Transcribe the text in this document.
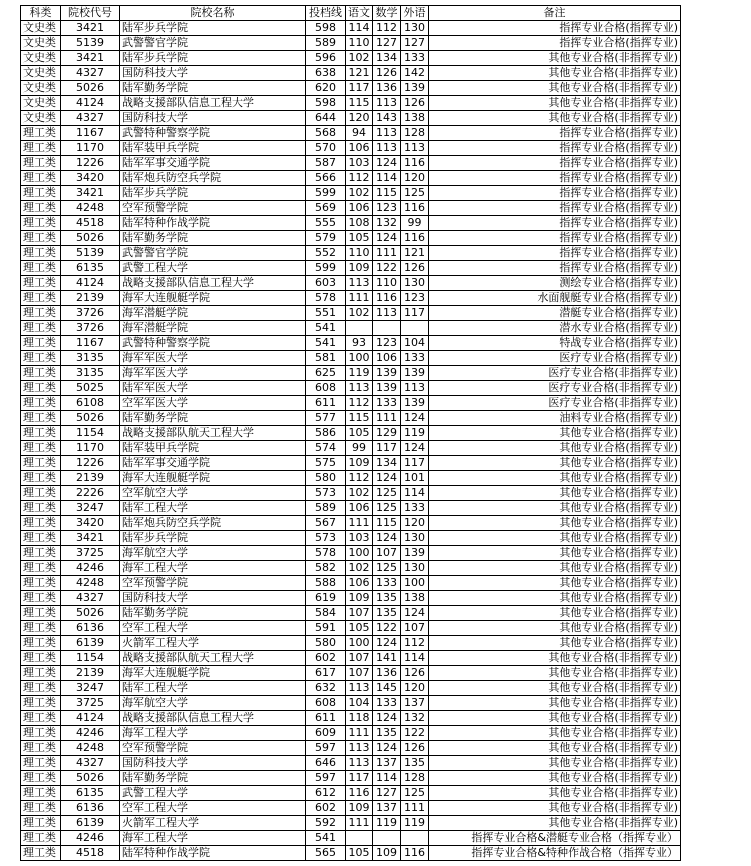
科类	院校代号	院校名称	投档线	语文	数学	外语	备注
文史类	3421	陆军步兵学院	598	114	112	130	指挥专业合格(指挥专业)
文史类	5139	武警警官学院	589	110	127	127	指挥专业合格(指挥专业)
文史类	3421	陆军步兵学院	596	102	134	133	其他专业合格(非指挥专业)
文史类	4327	国防科技大学	638	121	126	142	其他专业合格(非指挥专业)
文史类	5026	陆军勤务学院	620	117	136	139	其他专业合格(非指挥专业)
文史类	4124	战略支援部队信息工程大学	598	115	113	126	其他专业合格(非指挥专业)
文史类	4327	国防科技大学	644	120	143	138	其他专业合格(非指挥专业)
理工类	1167	武警特种警察学院	568	94	113	128	指挥专业合格(指挥专业)
理工类	1170	陆军装甲兵学院	570	106	113	113	指挥专业合格(指挥专业)
理工类	1226	陆军军事交通学院	587	103	124	116	指挥专业合格(指挥专业)
理工类	3420	陆军炮兵防空兵学院	566	112	114	120	指挥专业合格(指挥专业)
理工类	3421	陆军步兵学院	599	102	115	125	指挥专业合格(指挥专业)
理工类	4248	空军预警学院	569	106	123	116	指挥专业合格(指挥专业)
理工类	4518	陆军特种作战学院	555	108	132	99	指挥专业合格(指挥专业)
理工类	5026	陆军勤务学院	579	105	124	116	指挥专业合格(指挥专业)
理工类	5139	武警警官学院	552	110	111	121	指挥专业合格(指挥专业)
理工类	6135	武警工程大学	599	109	122	126	指挥专业合格(指挥专业)
理工类	4124	战略支援部队信息工程大学	603	113	110	130	测绘专业合格(指挥专业)
理工类	2139	海军大连舰艇学院	578	111	116	123	水面舰艇专业合格(指挥专业)
理工类	3726	海军潜艇学院	551	102	113	117	潜艇专业合格(指挥专业)
理工类	3726	海军潜艇学院	541				潜水专业合格(指挥专业)
理工类	1167	武警特种警察学院	541	93	123	104	特战专业合格(指挥专业)
理工类	3135	海军军医大学	581	100	106	133	医疗专业合格(指挥专业)
理工类	3135	海军军医大学	625	119	139	139	医疗专业合格(非指挥专业)
理工类	5025	陆军军医大学	608	113	139	113	医疗专业合格(非指挥专业)
理工类	6108	空军军医大学	611	112	133	139	医疗专业合格(非指挥专业)
理工类	5026	陆军勤务学院	577	115	111	124	油料专业合格(指挥专业)
理工类	1154	战略支援部队航天工程大学	586	105	129	119	其他专业合格(指挥专业)
理工类	1170	陆军装甲兵学院	574	99	117	124	其他专业合格(指挥专业)
理工类	1226	陆军军事交通学院	575	109	134	117	其他专业合格(指挥专业)
理工类	2139	海军大连舰艇学院	580	112	124	101	其他专业合格(指挥专业)
理工类	2226	空军航空大学	573	102	125	114	其他专业合格(指挥专业)
理工类	3247	陆军工程大学	589	106	125	133	其他专业合格(指挥专业)
理工类	3420	陆军炮兵防空兵学院	567	111	115	120	其他专业合格(指挥专业)
理工类	3421	陆军步兵学院	573	103	124	130	其他专业合格(指挥专业)
理工类	3725	海军航空大学	578	100	107	139	其他专业合格(指挥专业)
理工类	4246	海军工程大学	582	102	125	130	其他专业合格(指挥专业)
理工类	4248	空军预警学院	588	106	133	100	其他专业合格(指挥专业)
理工类	4327	国防科技大学	619	109	135	138	其他专业合格(指挥专业)
理工类	5026	陆军勤务学院	584	107	135	124	其他专业合格(指挥专业)
理工类	6136	空军工程大学	591	105	122	107	其他专业合格(指挥专业)
理工类	6139	火箭军工程大学	580	100	124	112	其他专业合格(指挥专业)
理工类	1154	战略支援部队航天工程大学	602	107	141	114	其他专业合格(非指挥专业)
理工类	2139	海军大连舰艇学院	617	107	136	126	其他专业合格(非指挥专业)
理工类	3247	陆军工程大学	632	113	145	120	其他专业合格(非指挥专业)
理工类	3725	海军航空大学	608	104	133	137	其他专业合格(非指挥专业)
理工类	4124	战略支援部队信息工程大学	611	118	124	132	其他专业合格(非指挥专业)
理工类	4246	海军工程大学	609	111	135	122	其他专业合格(非指挥专业)
理工类	4248	空军预警学院	597	113	124	126	其他专业合格(非指挥专业)
理工类	4327	国防科技大学	646	113	137	135	其他专业合格(非指挥专业)
理工类	5026	陆军勤务学院	597	117	114	128	其他专业合格(非指挥专业)
理工类	6135	武警工程大学	612	116	127	125	其他专业合格(非指挥专业)
理工类	6136	空军工程大学	602	109	137	111	其他专业合格(非指挥专业)
理工类	6139	火箭军工程大学	592	111	119	119	其他专业合格(非指挥专业)
理工类	4246	海军工程大学	541				指挥专业合格&潜艇专业合格（指挥专业）
理工类	4518	陆军特种作战学院	565	105	109	116	指挥专业合格&特种作战合格（指挥专业）
